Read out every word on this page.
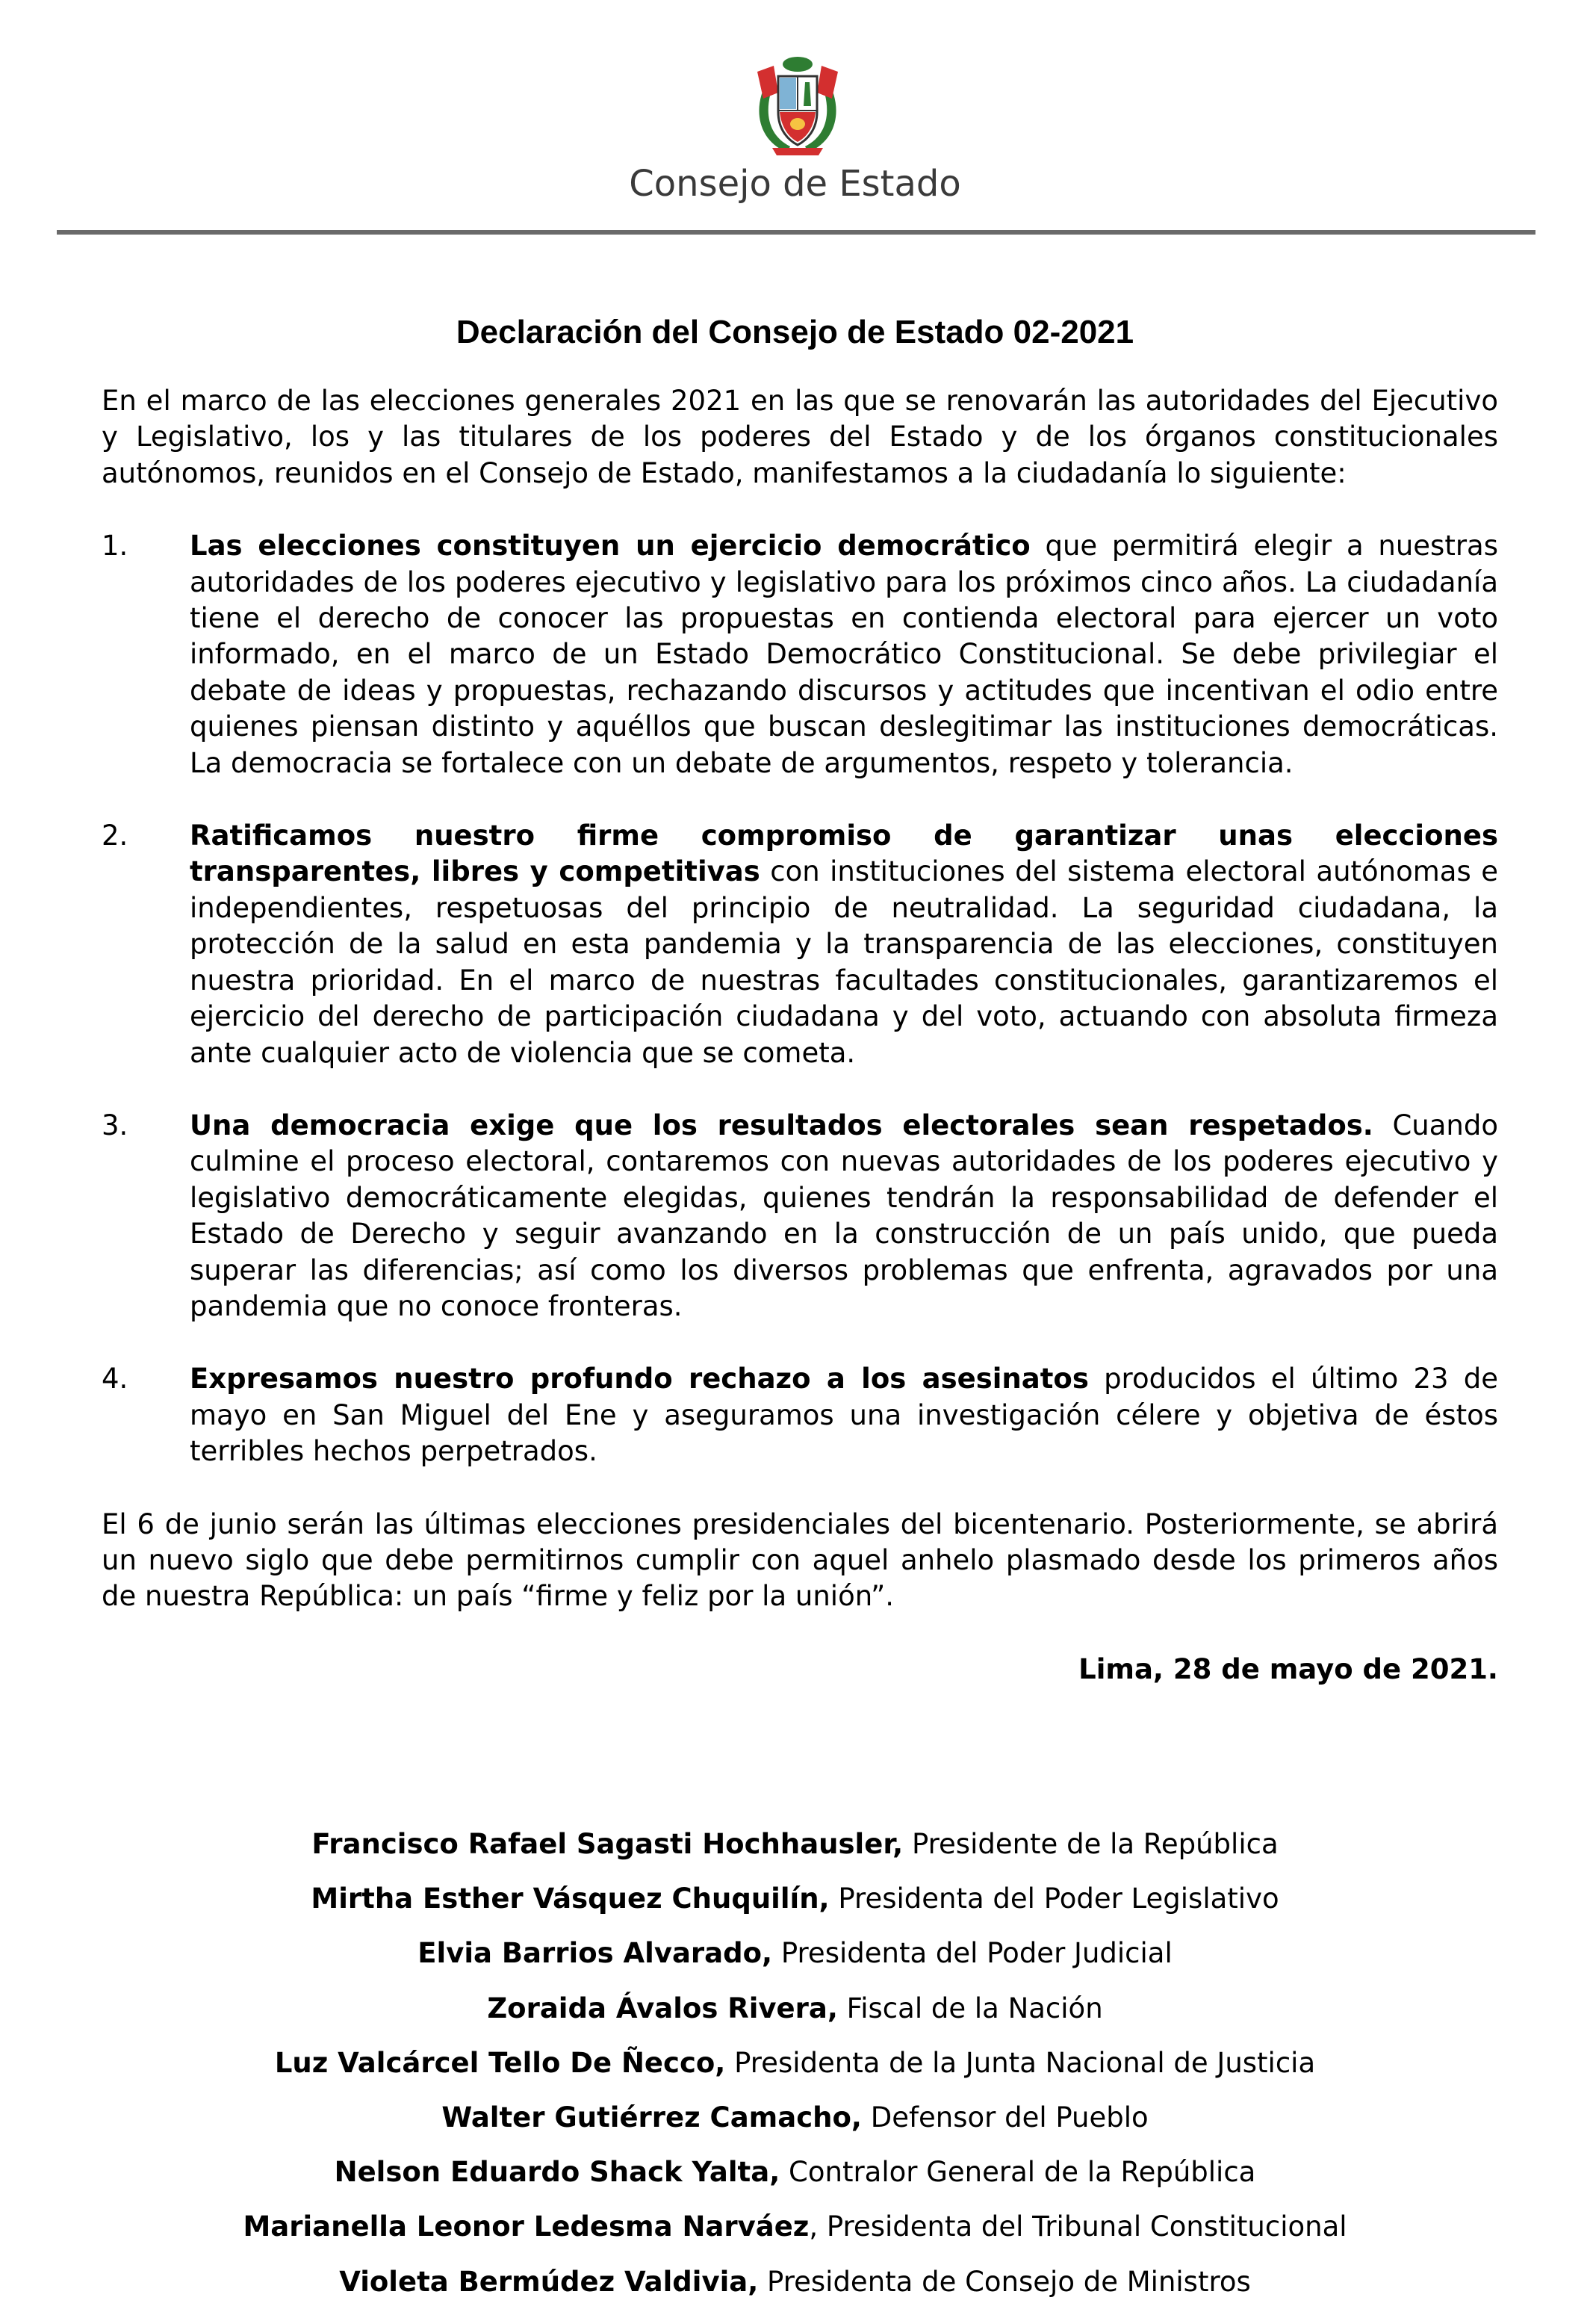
Consejo de Estado
Declaración del Consejo de Estado 02-2021

En el marco de las elecciones generales 2021 en las que se renovarán las autoridades del Ejecutivo y Legislativo, los y las titulares de los poderes del Estado y de los órganos constitucionales autónomos, reunidos en el Consejo de Estado, manifestamos a la ciudadanía lo siguiente:

1.	Las elecciones constituyen un ejercicio democrático que permitirá elegir a nuestras autoridades de los poderes ejecutivo y legislativo para los próximos cinco años. La ciudadanía tiene el derecho de conocer las propuestas en contienda electoral para ejercer un voto informado, en el marco de un Estado Democrático Constitucional. Se debe privilegiar el debate de ideas y propuestas, rechazando discursos y actitudes que incentivan el odio entre quienes piensan distinto y aquéllos que buscan deslegitimar las instituciones democráticas. La democracia se fortalece con un debate de argumentos, respeto y tolerancia.
2.	Ratificamos nuestro firme compromiso de garantizar unas elecciones transparentes, libres y competitivas con instituciones del sistema electoral autónomas e independientes, respetuosas del principio de neutralidad. La seguridad ciudadana, la protección de la salud en esta pandemia y la transparencia de las elecciones, constituyen nuestra prioridad. En el marco de nuestras facultades constitucionales, garantizaremos el ejercicio del derecho de participación ciudadana y del voto, actuando con absoluta firmeza ante cualquier acto de violencia que se cometa.
3.	Una democracia exige que los resultados electorales sean respetados. Cuando culmine el proceso electoral, contaremos con nuevas autoridades de los poderes ejecutivo y legislativo democráticamente elegidas, quienes tendrán la responsabilidad de defender el Estado de Derecho y seguir avanzando en la construcción de un país unido, que pueda superar las diferencias; así como los diversos problemas que enfrenta, agravados por una pandemia que no conoce fronteras.
4.	Expresamos nuestro profundo rechazo a los asesinatos producidos el último 23 de mayo en San Miguel del Ene y aseguramos una investigación célere y objetiva de éstos terribles hechos perpetrados.

El 6 de junio serán las últimas elecciones presidenciales del bicentenario. Posteriormente, se abrirá un nuevo siglo que debe permitirnos cumplir con aquel anhelo plasmado desde los primeros años de nuestra República: un país “firme y feliz por la unión”.

Lima, 28 de mayo de 2021.

Francisco Rafael Sagasti Hochhausler, Presidente de la República
Mirtha Esther Vásquez Chuquilín, Presidenta del Poder Legislativo
Elvia Barrios Alvarado, Presidenta del Poder Judicial
Zoraida Ávalos Rivera, Fiscal de la Nación
Luz Valcárcel Tello De Ñecco, Presidenta de la Junta Nacional de Justicia
Walter Gutiérrez Camacho, Defensor del Pueblo
Nelson Eduardo Shack Yalta, Contralor General de la República
Marianella Leonor Ledesma Narváez, Presidenta del Tribunal Constitucional
Violeta Bermúdez Valdivia, Presidenta de Consejo de Ministros
